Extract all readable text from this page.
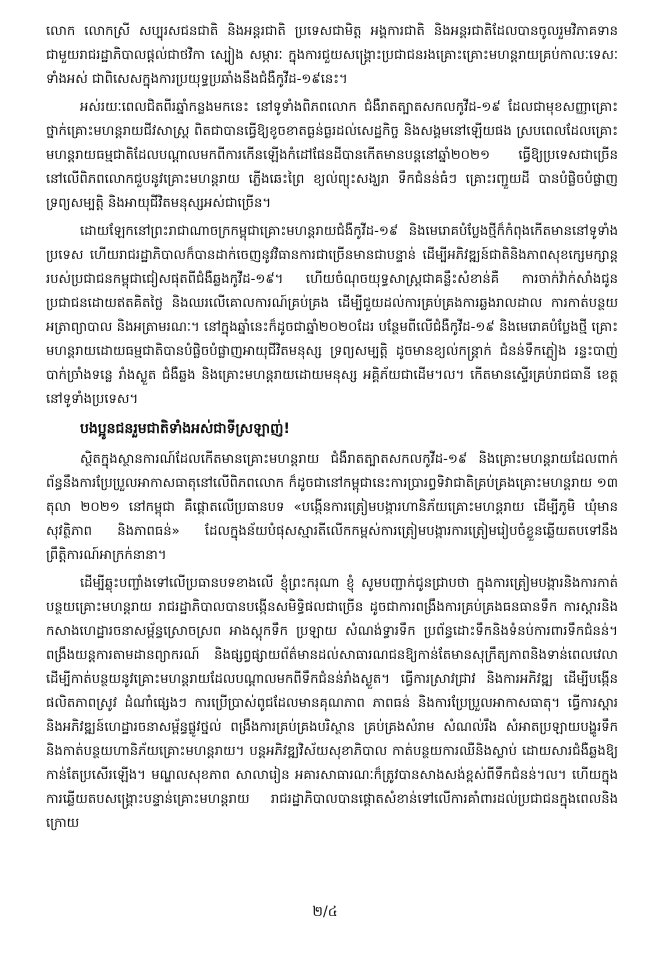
លោក លោកស្រី សប្បុរសជនជាតិ និងអន្តរជាតិ ប្រទេសជាមិត្ត អង្គការជាតិ និងអន្តរជាតិដែលបានចូលរួមវិភាគទានជាមួយរាជរដ្ឋាភិបាលផ្ដល់ជាថវិកា ស្បៀង សម្ភារៈ ក្នុងការជួយសង្គ្រោះប្រជាជនរងគ្រោះគ្រោះមហន្តរាយគ្រប់កាលៈទេសៈទាំងអស់ ជាពិសេសក្នុងការប្រយុទ្ធប្រឆាំងនឹងជំងឺកូវីដ-១៩នេះ។

អស់រយៈពេលជិតពីរឆ្នាំកន្លងមកនេះ នៅទូទាំងពិភពលោក ជំងឺរាតត្បាតសកលកូវីដ-១៩ ដែលជាមុខសញ្ញាគ្រោះថ្នាក់គ្រោះមហន្តរាយជីវសាស្ត្រ ពិតជាបានធ្វើឱ្យខូចខាតធ្ងន់ធ្ងរដល់សេដ្ឋកិច្ច និងសង្គមនៅឡើយផង ស្របពេលដែលគ្រោះមហន្តរាយធម្មជាតិដែលបណ្ដាលមកពីការកើនឡើងកំដៅផែនដីបានកើតមានបន្តនៅឆ្នាំ២០២១ ធ្វើឱ្យប្រទេសជាច្រើននៅលើពិភពលោកជួបនូវគ្រោះមហន្តរាយ ភ្លើងឆេះព្រៃ ខ្យល់ព្យុះសង្ឃរា ទឹកជំនន់ធំៗ គ្រោះរញ្ជួយដី បានបំផ្លិចបំផ្លាញទ្រព្យសម្បត្តិ និងអាយុជីវិតមនុស្សអស់ជាច្រើន។

ដោយឡែកនៅព្រះរាជាណាចក្រកម្ពុជាគ្រោះមហន្តរាយជំងឺកូវីដ-១៩ និងមេរោគបំប្លែងថ្មីក៏កំពុងកើតមាននៅទូទាំងប្រទេស ហើយរាជរដ្ឋាភិបាលក៏បានដាក់ចេញនូវវិធានការជាច្រើនមានជាបន្ទាន់ ដើម្បីអភិវឌ្ឍន៍ជាតិនិងភាពសុខក្សេមក្សាន្តរបស់ប្រជាជនកម្ពុជាជៀសផុតពីជំងឺឆ្លងកូវីដ-១៩។ ហើយចំណុចយុទ្ធសាស្ត្រជាគន្លឹះសំខាន់គឺ ការចាក់វ៉ាក់សាំងជូនប្រជាជនដោយឥតគិតថ្លៃ និងឈរលើគោលការណ៍គ្រប់គ្រង ដើម្បីជួយដល់ការគ្រប់គ្រងការឆ្លងរាលដាល ការកាត់បន្ថយអត្រាព្យាបាល និងអត្រាមរណៈ។ នៅក្នុងឆ្នាំនេះក៏ដូចជាឆ្នាំ២០២០ដែរ បន្ថែមពីលើជំងឺកូវីដ-១៩ និងមេរោគបំប្លែងថ្មី គ្រោះមហន្តរាយដោយធម្មជាតិបានបំផ្លិចបំផ្លាញអាយុជីវិតមនុស្ស ទ្រព្យសម្បត្តិ ដូចមានខ្យល់កន្ត្រាក់ ជំនន់ទឹកភ្លៀង រន្ទះបាញ់ បាក់ច្រាំងទន្លេ រាំងស្ងួត ជំងឺឆ្លង និងគ្រោះមហន្តរាយដោយមនុស្ស អគ្គិភ័យជាដើម។ល។ កើតមានស្ទើរគ្រប់រាជធានី ខេត្តនៅទូទាំងប្រទេស។

បងប្អូនជនរួមជាតិទាំងអស់ជាទីស្រឡាញ់!

ស្ថិតក្នុងស្ថានការណ៍ដែលកើតមានគ្រោះមហន្តរាយ ជំងឺរាតត្បាតសកលកូវីដ-១៩ និងគ្រោះមហន្តរាយដែលពាក់ព័ន្ធនឹងការប្រែប្រួលអាកាសធាតុនៅលើពិភពលោក ក៏ដូចជានៅកម្ពុជានេះការប្រារព្ធទិវាជាតិគ្រប់គ្រងគ្រោះមហន្តរាយ ១៣ តុលា ២០២១ នៅកម្ពុជា គឺផ្ដោតលើប្រធានបទ «បង្កើនការត្រៀមបង្ការហានិភ័យគ្រោះមហន្តរាយ ដើម្បីភូមិ ឃុំមានសុវត្ថិភាព និងភាពធន់» ដែលក្នុងន័យបំផុសស្មារតីលើកកម្ពស់ការត្រៀមបង្ការការត្រៀមរៀបចំខ្លួនឆ្លើយតបទៅនឹងព្រឹត្តិការណ៍អាក្រក់នានា។

ដើម្បីឆ្លុះបញ្ចាំងទៅលើប្រធានបទខាងលើ ខ្ញុំព្រះករុណា ខ្ញុំ សូមបញ្ជាក់ជូនជ្រាបថា ក្នុងការត្រៀមបង្ការនិងការកាត់បន្ថយគ្រោះមហន្តរាយ រាជរដ្ឋាភិបាលបានបង្កើនសមិទ្ធិផលជាច្រើន ដូចជាការពង្រឹងការគ្រប់គ្រងធនធានទឹក ការស្តារនិងកសាងហេដ្ឋារចនាសម្ព័ន្ធស្រោចស្រព អាងស្តុកទឹក ប្រឡាយ សំណង់ទ្វារទឹក ប្រព័ន្ធដោះទឹកនិងទំនប់ការពារទឹកជំនន់។ ពង្រឹងយន្តការតាមដានព្យាករណ៍ និងផ្សព្វផ្សាយព័ត៌មានដល់សាធារណជនឱ្យកាន់តែមានសុក្រឹត្យភាពនិងទាន់ពេលវេលា ដើម្បីកាត់បន្ថយនូវគ្រោះមហន្តរាយដែលបណ្ដាលមកពីទឹកជំនន់រាំងស្ងួត។ ធ្វើការស្រាវជ្រាវ និងការអភិវឌ្ឍ ដើម្បីបង្កើនផលិតភាពស្រូវ ដំណាំផ្សេងៗ ការប្រើប្រាស់ពូជដែលមានគុណភាព ភាពធន់ និងការប្រែប្រួលអាកាសធាតុ។ ធ្វើការស្តារ និងអភិវឌ្ឍន៍ហេដ្ឋារចនាសម្ព័ន្ធផ្លូវថ្នល់ ពង្រឹងការគ្រប់គ្រងបរិស្ថាន គ្រប់គ្រងសំរាម សំណល់រឹង សំអាតប្រឡាយបង្ហូរទឹក និងកាត់បន្ថយហានិភ័យគ្រោះមហន្តរាយ។ បន្តអភិវឌ្ឍវិស័យសុខាភិបាល កាត់បន្ថយការឈឺនិងស្លាប់ ដោយសារជំងឺឆ្លងឱ្យកាន់តែប្រសើរឡើង។ មណ្ឌលសុខភាព សាលារៀន អគារសាធារណៈក៏ត្រូវបានសាងសង់ខ្ពស់ពីទឹកជំនន់។ល។ ហើយក្នុងការឆ្លើយតបសង្គ្រោះបន្ទាន់គ្រោះមហន្តរាយ រាជរដ្ឋាភិបាលបានផ្ដោតសំខាន់ទៅលើការគាំពារដល់ប្រជាជនក្នុងពេលនិងក្រោយ

២/៤
